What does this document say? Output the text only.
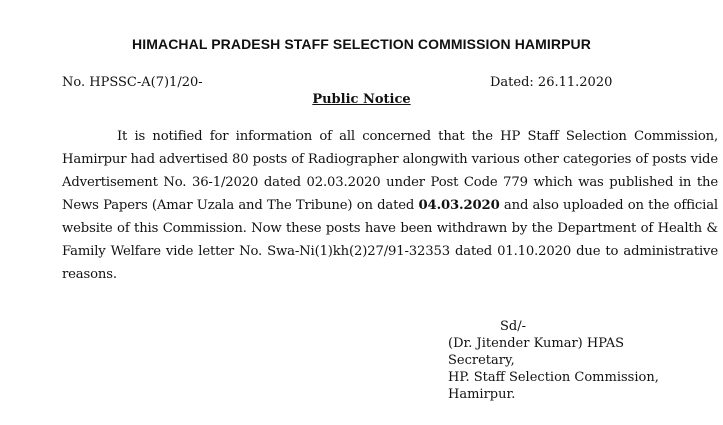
HIMACHAL PRADESH STAFF SELECTION COMMISSION HAMIRPUR
No. HPSSC-A(7)1/20-	Dated: 26.11.2020
Public Notice
It is notified for information of all concerned that the HP Staff Selection Commission, Hamirpur had advertised 80 posts of Radiographer alongwith various other categories of posts vide Advertisement No. 36-1/2020 dated 02.03.2020 under Post Code 779 which was published in the News Papers (Amar Uzala and The Tribune) on dated 04.03.2020 and also uploaded on the official website of this Commission. Now these posts have been withdrawn by the Department of Health & Family Welfare vide letter No. Swa-Ni(1)kh(2)27/91-32353 dated 01.10.2020 due to administrative reasons.
Sd/-
(Dr. Jitender Kumar) HPAS
Secretary,
HP. Staff Selection Commission,
Hamirpur.
